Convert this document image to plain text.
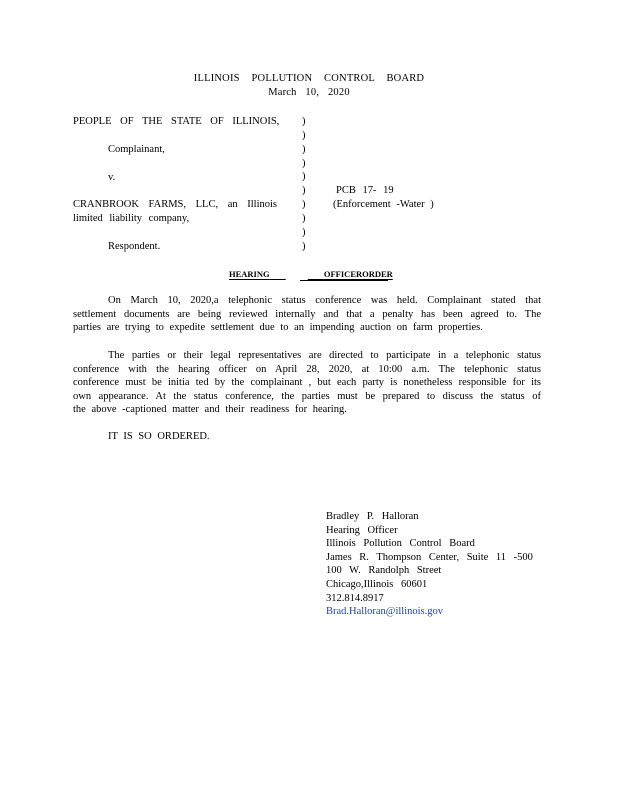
ILLINOIS POLLUTION CONTROL BOARD
March 10, 2020
PEOPLE OF THE STATE OF ILLINOIS,
Complainant,
v.
CRANBROOK FARMS, LLC, an Illinois
limited liability company,
Respondent.
)
)
)
)
)
)
)
)
)
)
PCB 17- 19
(Enforcement -Water )
HEARING	OFFICERORDER
On March 10, 2020,a telephonic status conference was held. Complainant stated that
settlement documents are being reviewed internally and that a penalty has been agreed to. The
parties are trying to expedite settlement due to an impending auction on farm properties.
The parties or their legal representatives are directed to participate in a telephonic status
conference with the hearing officer on April 28, 2020, at 10:00 a.m. The telephonic status
conference must be initia ted by the complainant , but each party is nonetheless responsible for its
own appearance. At the status conference, the parties must be prepared to discuss the status of
the above -captioned matter and their readiness for hearing.
IT IS SO ORDERED.
Bradley P. Halloran
Hearing Officer
Illinois Pollution Control Board
James R. Thompson Center, Suite 11 -500
100 W. Randolph Street
Chicago,Illinois 60601
312.814.8917
Brad.Halloran@illinois.gov
